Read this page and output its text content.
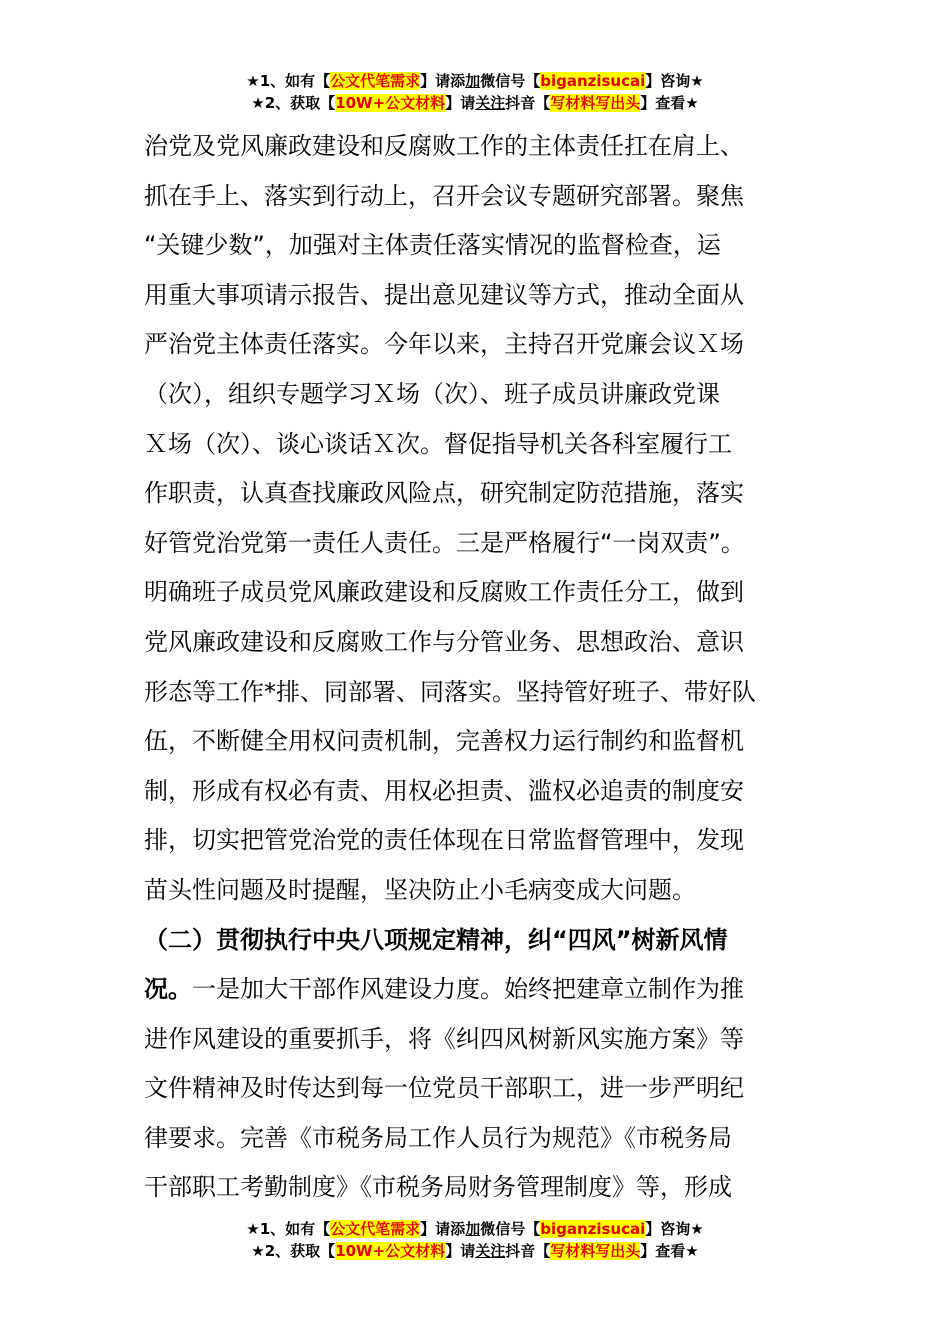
★1、如有【公文代笔需求】请添加微信号【biganzisucai】咨询★
★2、获取【10W+公文材料】请关注抖音【写材料写出头】查看★
治党及党风廉政建设和反腐败工作的主体责任扛在肩上、
抓在手上、落实到行动上，召开会议专题研究部署。聚焦
“关键少数”，加强对主体责任落实情况的监督检查，运
用重大事项请示报告、提出意见建议等方式，推动全面从
严治党主体责任落实。今年以来，主持召开党廉会议Ｘ场
（次），组织专题学习Ｘ场（次）、班子成员讲廉政党课
Ｘ场（次）、谈心谈话Ｘ次。督促指导机关各科室履行工
作职责，认真查找廉政风险点，研究制定防范措施，落实
好管党治党第一责任人责任。三是严格履行“一岗双责”。
明确班子成员党风廉政建设和反腐败工作责任分工，做到
党风廉政建设和反腐败工作与分管业务、思想政治、意识
形态等工作*排、同部署、同落实。坚持管好班子、带好队
伍，不断健全用权问责机制，完善权力运行制约和监督机
制，形成有权必有责、用权必担责、滥权必追责的制度安
排，切实把管党治党的责任体现在日常监督管理中，发现
苗头性问题及时提醒，坚决防止小毛病变成大问题。
（二）贯彻执行中央八项规定精神，纠“四风”树新风情
况。一是加大干部作风建设力度。始终把建章立制作为推
进作风建设的重要抓手，将《纠四风树新风实施方案》等
文件精神及时传达到每一位党员干部职工，进一步严明纪
律要求。完善《市税务局工作人员行为规范》《市税务局
干部职工考勤制度》《市税务局财务管理制度》等，形成
★1、如有【公文代笔需求】请添加微信号【biganzisucai】咨询★
★2、获取【10W+公文材料】请关注抖音【写材料写出头】查看★
